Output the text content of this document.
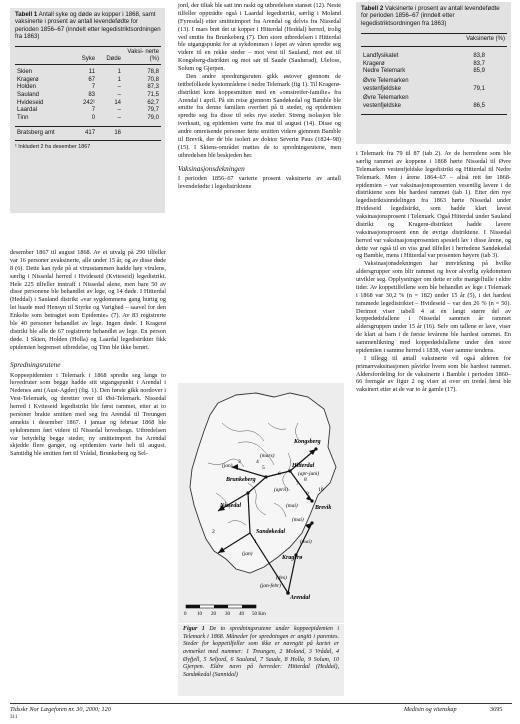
Tabell 1 Antall syke og døde av kopper i 1868, samt vaksinerte i prosent av antall levendefødte for perioden 1856–67 (inndelt etter legedistriktsordningen fra 1863)
	Syke	Døde	Vaksi- nerte (%)

Skien	11	1	78,8
Kragerø	67	1	70,8
Holden	7	–	87,3
Sauland	83	–	71,5
Hvideseid	242¹	14	62,7
Laardal	7	–	79,7
Tinn	0	–	79,0
Bratsberg amt	417	16	
¹ Inkludert 2 fra desember 1867

desember 1867 til august 1868. Av et utvalg på 290 tilfeller var 16 personer uvaksinerte, alle under 15 år, og av disse døde 8 (6). Dette kan tyde på at virusstammen hadde høy virulens, særlig i Nissedal herred i Hvideseid (Kviteseid) legedistrikt. Hele 225 tilfeller inntraff i Nissedal alene, men bare 50 av disse personene ble behandlet av lege, og 14 døde. I Hitterdal (Heddal) i Sauland distrikt «var sygdommens gang hurtig og let baade med Hensyn til Styrke og Varighed – saavel for den Enkelte som betragtet som Epidemie» (7). Av 83 registrerte ble 40 personer behandlet av lege. Ingen døde. I Kragerø distrikt ble alle de 67 registrerte behandlet av lege. En person døde. I Skien, Holden (Holla) og Laardal legedistrikter fikk epidemien begrenset utbredelse, og Tinn ble ikke berørt.

Spredningsrutene

Koppeepidemien i Telemark i 1868 spredte seg langs to hovedruter som begge hadde sitt utgangspunkt i Arendal i Nedenes amt (Aust-Agder) (fig. 1). Den første gikk nordover i Vest-Telemark, og deretter over til Øst-Telemark. Nissedal herred i Kviteseid legedistrikt ble først rammet, etter at to personer brakte smitten med seg fra Arendal til Treungen annekts i desember 1867. I januar og februar 1868 ble sykdommen ført videre til Nissedal hovedsogn. Utbredelsen var betydelig begge steder, ny smitteimport fra Arendal skjedde flere ganger, og epidemien varte helt til august. Samtidig ble smitten ført til Vrådal, Brunkeberg og Sel-

jord, der tiltak ble satt inn raskt og utbredelsen stanset (12). Neste tilfeller oppträdte også i Laardal legedistrikt, særlig i Moland (Fyresdal) etter smitteimport fra Arendal og delvis fra Nissedal (13). I mars brøt det ut kopper i Hitterdal (Heddal) herred, trolig ved smitte fra Brunkeberg (7). Den store utbredelsen i Hitterdal ble utgangspunkt for at sykdommen i løpet av våren spredte seg videre til en rekke steder – mot vest til Sauland, mot øst til Kongsberg-distriktet og mot sør til Saude (Sauherad), Ulefoss, Solum og Gjerpen.

Den andre spredningsruten gikk østover gjennom de tettbefolkede kystområdene i nedre Telemark (fig 1). Til Kragerø-distriktet kom koppesmitten med en «omstreifer-familie» fra Arendal i april. På sin reise gjennom Sandøkedal og Bamble ble smitte fra denne familien overført på ti steder, og epidemien spredte seg fra disse til seks nye steder. Streng isolasjon ble iverksatt, og epidemien varte fra mai til august (14). Disse og andre omreisende personer førte smitten videre gjennom Bamble til Brevik, der de ble isolert av doktor Severin Paus (1824–98) (15). I Skiens-området møttes de to spredningsrutene, men utbredelsen ble beskjeden her.

Vaksinasjonsdekningen

I perioden 1856–67 varierte prosent vaksinerte av antall levendefødte i legedistriktene

Tabell 2 Vaksinerte i prosent av antall levendefødte for perioden 1856–67 (inndelt etter legedistriktsordningen fra 1863)
	Vaksinerte (%)

Landfysikatet	83,8
Kragerø	83,7
Nedre Telemark	85,9
Øvre Telemarken vestenfjeldske	79,1
Øvre Telemarken vestenfjeldske	86,5

i Telemark fra 79 til 87 (tab 2). Av de herredene som ble særlig rammet av koppene i 1868 hørte Nissedal til Øvre Telemarken vestenfjeldske legedistrikt og Hitterdal til Nedre Telemark. Men i årene 1864–67 – altså rett før 1868-epidemien – var vaksinasjonsprosenten vesentlig lavere i de distriktene som ble hardest rammet (tab 1). Etter den nye legedistriktsinndelingen fra 1863 hørte Nissedal under Hvideseid legedistrikt, som hadde klart lavest vaksinasjonsprosent i Telemark. Også Hitterdal under Sauland distrikt og Kragerø-distriktet hadde lavere vaksinasjonsprosent enn de øvrige distriktene. I Nissedal herred var vaksinasjonsprosenten spesielt lav i disse årene, og dette var også til en viss grad tilfellet i herredene Sandøkedal og Bamble, mens i Hitterdal var prosenten høyere (tab 3).

Vaksinasjonsdekningen har innvirkning på hvilke aldersgrupper som blir rammet og hvor alvorlig sykdommen utvikler seg. Opplysninger om dette er ofte mangelfulle i eldre tider. Av koppetilfellene som ble behandlet av lege i Telemark i 1868 var 30,2 % (n = 182) under 15 år (5), i det hardest rammede legedistriktet – Hvideseid – var den 26 % (n = 50). Derimot viser tabell 4 at en langt større del av koppedødsfallene i Nissedal sammen år rammet aldersgruppen under 15 år (16). Selv om tallene er lave, viser de klart at barn i de første levårene ble hardest rammet. En sammenlikning med koppedødsfallene under den store epidemien i samme herred i 1838, viser samme tendens.

I tillegg til antall vaksinerte vil også alderen for primærvaksinasjonen påvirke hvem som ble hardest rammet. Aldersfordeling for de vaksinerte i Bamble i perioden 1860–66 fremgår av figur 2 og viser at over en tredel først ble vaksinert etter at de var to år gamle (17).

Kongsberg
Hitterdal
Brunkeberg
Nissedal	Brevik
Sandøkedal
Kragerø
Arendal
1
2
3	4
5
6
7
8
9
10
(des)
(jan)
(jan)
(mars)
(april)
(apr-juni)
(mai)
(mai)
(mai)
(jan-febr)
0 10 20 30 40 50 Km
Figur 1 De to spredningsrutene under koppeepidemien i Telemark i 1868. Måneder for spredningen er angitt i parentes. Steder for koppetilfeller som ikke er navngitt på kartet er avmerket med nummer: 1 Treungen, 2 Moland, 3 Vrådal, 4 Øyfjell, 5 Seljord, 6 Sauland, 7 Saude, 8 Holla, 9 Solum, 10 Gjerpen. Eldre navn på herreder: Hitterdal (Heddal), Sandøkedal (Sannidal)
Tidsskr Nor Lægeforen nr. 30, 2000; 120
311
Medisin og vitenskap	3695
